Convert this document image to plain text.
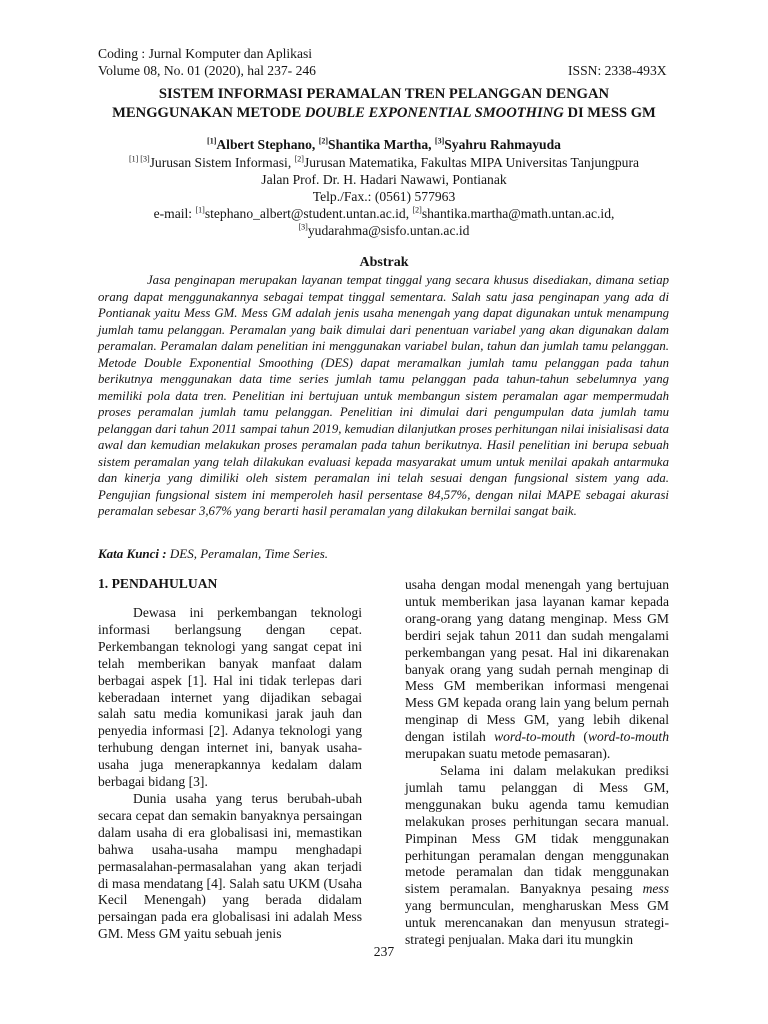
Coding : Jurnal Komputer dan Aplikasi
Volume 08, No. 01 (2020), hal 237- 246	ISSN: 2338-493X
SISTEM INFORMASI PERAMALAN TREN PELANGGAN DENGAN
MENGGUNAKAN METODE DOUBLE EXPONENTIAL SMOOTHING DI MESS GM
[1]Albert Stephano, [2]Shantika Martha, [3]Syahru Rahmayuda
[1] [3]Jurusan Sistem Informasi, [2]Jurusan Matematika, Fakultas MIPA Universitas Tanjungpura
Jalan Prof. Dr. H. Hadari Nawawi, Pontianak
Telp./Fax.: (0561) 577963
e-mail: [1]stephano_albert@student.untan.ac.id, [2]shantika.martha@math.untan.ac.id,
[3]yudarahma@sisfo.untan.ac.id
Abstrak
Jasa penginapan merupakan layanan tempat tinggal yang secara khusus disediakan, dimana setiap orang dapat menggunakannya sebagai tempat tinggal sementara. Salah satu jasa penginapan yang ada di Pontianak yaitu Mess GM. Mess GM adalah jenis usaha menengah yang dapat digunakan untuk menampung jumlah tamu pelanggan. Peramalan yang baik dimulai dari penentuan variabel yang akan digunakan dalam peramalan. Peramalan dalam penelitian ini menggunakan variabel bulan, tahun dan jumlah tamu pelanggan. Metode Double Exponential Smoothing (DES) dapat meramalkan jumlah tamu pelanggan pada tahun berikutnya menggunakan data time series jumlah tamu pelanggan pada tahun-tahun sebelumnya yang memiliki pola data tren. Penelitian ini bertujuan untuk membangun sistem peramalan agar mempermudah proses peramalan jumlah tamu pelanggan. Penelitian ini dimulai dari pengumpulan data jumlah tamu pelanggan dari tahun 2011 sampai tahun 2019, kemudian dilanjutkan proses perhitungan nilai inisialisasi data awal dan kemudian melakukan proses peramalan pada tahun berikutnya. Hasil penelitian ini berupa sebuah sistem peramalan yang telah dilakukan evaluasi kepada masyarakat umum untuk menilai apakah antarmuka dan kinerja yang dimiliki oleh sistem peramalan ini telah sesuai dengan fungsional sistem yang ada. Pengujian fungsional sistem ini memperoleh hasil persentase 84,57%, dengan nilai MAPE sebagai akurasi peramalan sebesar 3,67% yang berarti hasil peramalan yang dilakukan bernilai sangat baik.
Kata Kunci : DES, Peramalan, Time Series.
1. PENDAHULUAN

Dewasa ini perkembangan teknologi informasi berlangsung dengan cepat. Perkembangan teknologi yang sangat cepat ini telah memberikan banyak manfaat dalam berbagai aspek [1]. Hal ini tidak terlepas dari keberadaan internet yang dijadikan sebagai salah satu media komunikasi jarak jauh dan penyedia informasi [2]. Adanya teknologi yang terhubung dengan internet ini, banyak usaha-usaha juga menerapkannya kedalam dalam berbagai bidang [3].

Dunia usaha yang terus berubah-ubah secara cepat dan semakin banyaknya persaingan dalam usaha di era globalisasi ini, memastikan bahwa usaha-usaha mampu menghadapi permasalahan-permasalahan yang akan terjadi di masa mendatang [4]. Salah satu UKM (Usaha Kecil Menengah) yang berada didalam persaingan pada era globalisasi ini adalah Mess GM. Mess GM yaitu sebuah jenis

usaha dengan modal menengah yang bertujuan untuk memberikan jasa layanan kamar kepada orang-orang yang datang menginap. Mess GM berdiri sejak tahun 2011 dan sudah mengalami perkembangan yang pesat. Hal ini dikarenakan banyak orang yang sudah pernah menginap di Mess GM memberikan informasi mengenai Mess GM kepada orang lain yang belum pernah menginap di Mess GM, yang lebih dikenal dengan istilah word-to-mouth (word-to-mouth merupakan suatu metode pemasaran).

Selama ini dalam melakukan prediksi jumlah tamu pelanggan di Mess GM, menggunakan buku agenda tamu kemudian melakukan proses perhitungan secara manual. Pimpinan Mess GM tidak menggunakan perhitungan peramalan dengan menggunakan metode peramalan dan tidak menggunakan sistem peramalan. Banyaknya pesaing mess yang bermunculan, mengharuskan Mess GM untuk merencanakan dan menyusun strategi-strategi penjualan. Maka dari itu mungkin

237
